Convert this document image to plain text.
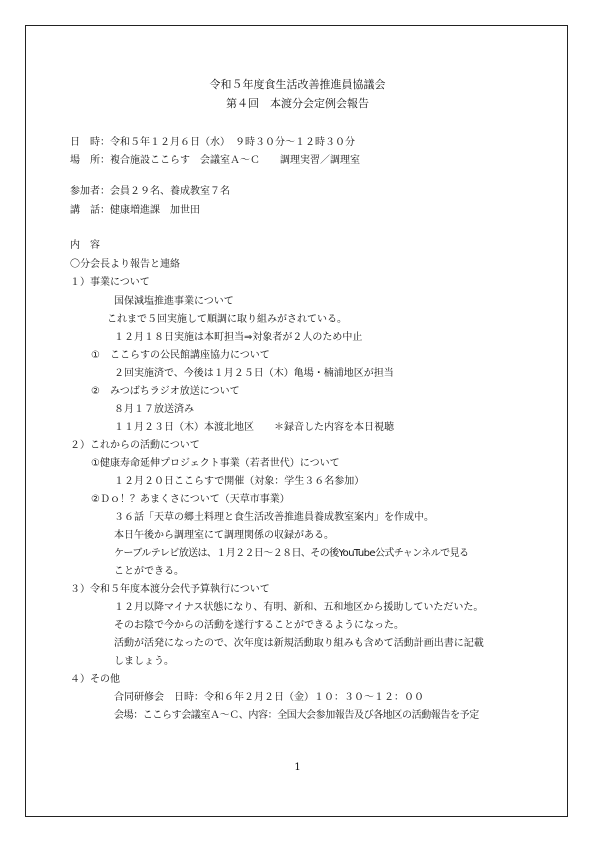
令和５年度食生活改善推進員協議会
第４回　本渡分会定例会報告
日　時：令和５年１２月６日（水）　９時３０分～１２時３０分
場　所：複合施設ここらす　会議室Ａ～Ｃ　　調理実習／調理室
参加者：会員２９名、養成教室７名
講　話：健康増進課　加世田
内　容
〇分会長より報告と連絡
１）事業について
国保減塩推進事業について
これまで５回実施して順調に取り組みがされている。
１２月１８日実施は本町担当⇒対象者が２人のため中止
①　ここらすの公民館講座協力について
２回実施済で、今後は１月２５日（木）亀場・楠浦地区が担当
②　みつばちラジオ放送について
８月１７放送済み
１１月２３日（木）本渡北地区　　＊録音した内容を本日視聴
２）これからの活動について
①健康寿命延伸プロジェクト事業（若者世代）について
１２月２０日ここらすで開催（対象：学生３６名参加）
②Ｄｏ！？あまくさについて（天草市事業）
３６話「天草の郷土料理と食生活改善推進員養成教室案内」を作成中。
本日午後から調理室にて調理関係の収録がある。
ケーブルテレビ放送は、１月２２日～２８日、その後YouTube公式チャンネルで見る
ことができる。
３）令和５年度本渡分会代予算執行について
１２月以降マイナス状態になり、有明、新和、五和地区から援助していただいた。
そのお陰で今からの活動を遂行することができるようになった。
活動が活発になったので、次年度は新規活動取り組みも含めて活動計画出書に記載
しましょう。
４）その他
合同研修会　日時：令和６年２月２日（金）１０：３０～１２：００
会場：ここらす会議室Ａ～Ｃ、内容：全国大会参加報告及び各地区の活動報告を予定
1
